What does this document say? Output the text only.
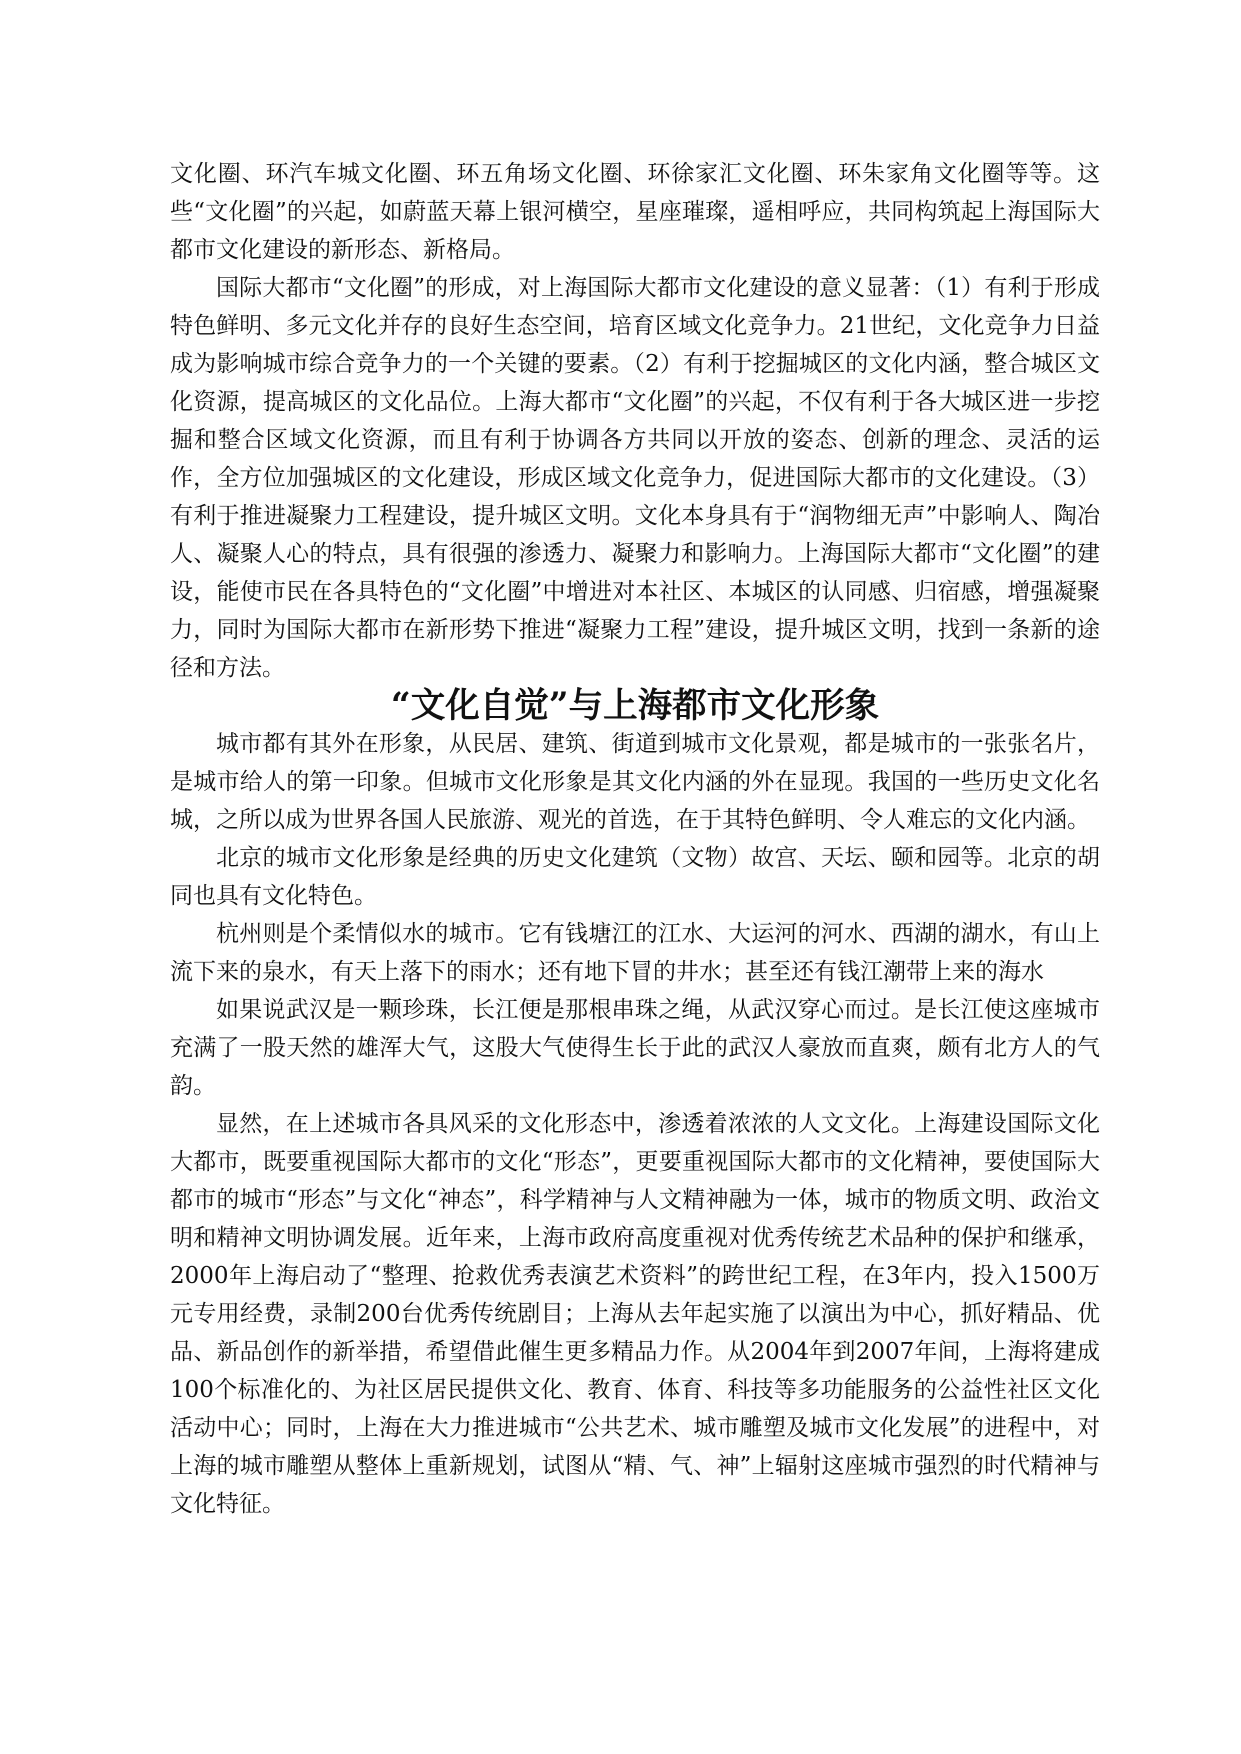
文化圈、环汽车城文化圈、环五角场文化圈、环徐家汇文化圈、环朱家角文化圈等等。这些“文化圈”的兴起，如蔚蓝天幕上银河横空，星座璀璨，遥相呼应，共同构筑起上海国际大都市文化建设的新形态、新格局。

国际大都市“文化圈”的形成，对上海国际大都市文化建设的意义显著：（1）有利于形成特色鲜明、多元文化并存的良好生态空间，培育区域文化竞争力。21世纪，文化竞争力日益成为影响城市综合竞争力的一个关键的要素。（2）有利于挖掘城区的文化内涵，整合城区文化资源，提高城区的文化品位。上海大都市“文化圈”的兴起，不仅有利于各大城区进一步挖掘和整合区域文化资源，而且有利于协调各方共同以开放的姿态、创新的理念、灵活的运作，全方位加强城区的文化建设，形成区域文化竞争力，促进国际大都市的文化建设。（3）有利于推进凝聚力工程建设，提升城区文明。文化本身具有于“润物细无声”中影响人、陶冶人、凝聚人心的特点，具有很强的渗透力、凝聚力和影响力。上海国际大都市“文化圈”的建设，能使市民在各具特色的“文化圈”中增进对本社区、本城区的认同感、归宿感，增强凝聚力，同时为国际大都市在新形势下推进“凝聚力工程”建设，提升城区文明，找到一条新的途径和方法。

“文化自觉”与上海都市文化形象

城市都有其外在形象，从民居、建筑、街道到城市文化景观，都是城市的一张张名片，是城市给人的第一印象。但城市文化形象是其文化内涵的外在显现。我国的一些历史文化名城，之所以成为世界各国人民旅游、观光的首选，在于其特色鲜明、令人难忘的文化内涵。

北京的城市文化形象是经典的历史文化建筑（文物）故宫、天坛、颐和园等。北京的胡同也具有文化特色。

杭州则是个柔情似水的城市。它有钱塘江的江水、大运河的河水、西湖的湖水，有山上流下来的泉水，有天上落下的雨水；还有地下冒的井水；甚至还有钱江潮带上来的海水

如果说武汉是一颗珍珠，长江便是那根串珠之绳，从武汉穿心而过。是长江使这座城市充满了一股天然的雄浑大气，这股大气使得生长于此的武汉人豪放而直爽，颇有北方人的气韵。

显然，在上述城市各具风采的文化形态中，渗透着浓浓的人文文化。上海建设国际文化大都市，既要重视国际大都市的文化“形态”，更要重视国际大都市的文化精神，要使国际大都市的城市“形态”与文化“神态”，科学精神与人文精神融为一体，城市的物质文明、政治文明和精神文明协调发展。近年来，上海市政府高度重视对优秀传统艺术品种的保护和继承，2000年上海启动了“整理、抢救优秀表演艺术资料”的跨世纪工程，在3年内，投入1500万元专用经费，录制200台优秀传统剧目；上海从去年起实施了以演出为中心，抓好精品、优品、新品创作的新举措，希望借此催生更多精品力作。从2004年到2007年间，上海将建成100个标准化的、为社区居民提供文化、教育、体育、科技等多功能服务的公益性社区文化活动中心；同时，上海在大力推进城市“公共艺术、城市雕塑及城市文化发展”的进程中，对上海的城市雕塑从整体上重新规划，试图从“精、气、神”上辐射这座城市强烈的时代精神与文化特征。
